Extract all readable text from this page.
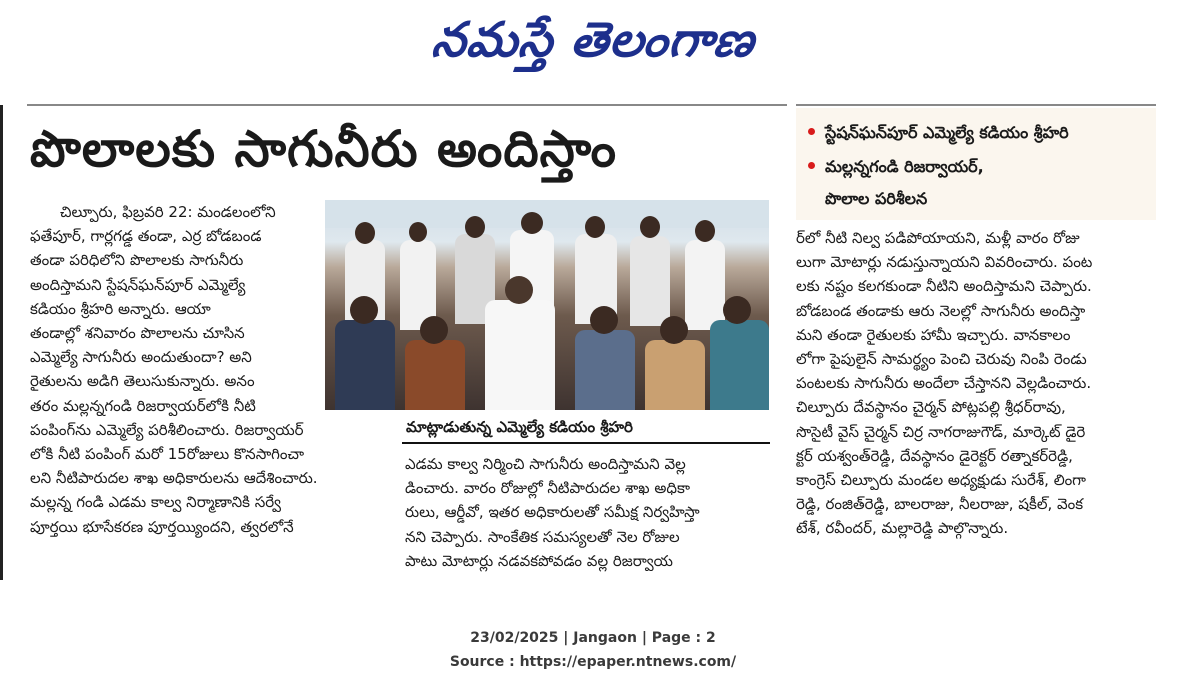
నమస్తే తెలంగాణ
పొలాలకు సాగునీరు అందిస్తాం	స్టేషన్‌ఘన్‌పూర్ ఎమ్మెల్యే కడియం శ్రీహరి
మల్లన్నగండి రిజర్వాయర్,
పొలాల పరిశీలన

చిల్పూరు, ఫిబ్రవరి 22: మండలంలోని

ఫతేపూర్, గార్లగడ్డ తండా, ఎర్ర బోడబండ

తండా పరిధిలోని పొలాలకు సాగునీరు

అందిస్తామని స్టేషన్‌ఘన్‌పూర్ ఎమ్మెల్యే

కడియం శ్రీహరి అన్నారు. ఆయా

తండాల్లో శనివారం పొలాలను చూసిన

ఎమ్మెల్యే సాగునీరు అందుతుందా? అని

రైతులను అడిగి తెలుసుకున్నారు. అనం

తరం మల్లన్నగండి రిజర్వాయర్‌లోకి నీటి

పంపింగ్‌ను ఎమ్మెల్యే పరిశీలించారు. రిజర్వాయర్

లోకి నీటి పంపింగ్ మరో 15రోజులు కొనసాగించా

లని నీటిపారుదల శాఖ అధికారులను ఆదేశించారు.

మల్లన్న గండి ఎడమ కాల్వ నిర్మాణానికి సర్వే

పూర్తయి భూసేకరణ పూర్తయ్యిందని, త్వరలోనే

మాట్లాడుతున్న ఎమ్మెల్యే కడియం శ్రీహరి

ఎడమ కాల్వ నిర్మించి సాగునీరు అందిస్తామని వెల్ల

డించారు. వారం రోజుల్లో నీటిపారుదల శాఖ అధికా

రులు, ఆర్డీవో, ఇతర అధికారులతో సమీక్ష నిర్వహిస్తా

నని చెప్పారు. సాంకేతిక సమస్యలతో నెల రోజుల

పాటు మోటార్లు నడవకపోవడం వల్ల రిజర్వాయ

ర్‌లో నీటి నిల్వ పడిపోయాయని, మళ్లీ వారం రోజు

లుగా మోటార్లు నడుస్తున్నాయని వివరించారు. పంట

లకు నష్టం కలగకుండా నీటిని అందిస్తామని చెప్పారు.

బోడబండ తండాకు ఆరు నెలల్లో సాగునీరు అందిస్తా

మని తండా రైతులకు హామీ ఇచ్చారు. వానకాలం

లోగా పైపులైన్ సామర్థ్యం పెంచి చెరువు నింపి రెండు

పంటలకు సాగునీరు అందేలా చేస్తానని వెల్లడించారు.

చిల్పూరు దేవస్థానం చైర్మన్ పోట్లపల్లి శ్రీధర్‌రావు,

సొసైటీ వైస్ చైర్మన్ చిర్ర నాగరాజుగౌడ్, మార్కెట్ డైరె

క్టర్ యశ్వంత్‌రెడ్డి, దేవస్థానం డైరెక్టర్ రత్నాకర్‌రెడ్డి,

కాంగ్రెస్ చిల్పూరు మండల అధ్యక్షుడు సురేశ్, లింగా

రెడ్డి, రంజిత్‌రెడ్డి, బాలరాజు, నీలరాజు, షకీల్, వెంక

టేశ్, రవీందర్, మల్లారెడ్డి పాల్గొన్నారు.

23/02/2025 | Jangaon | Page : 2
Source : https://epaper.ntnews.com/
